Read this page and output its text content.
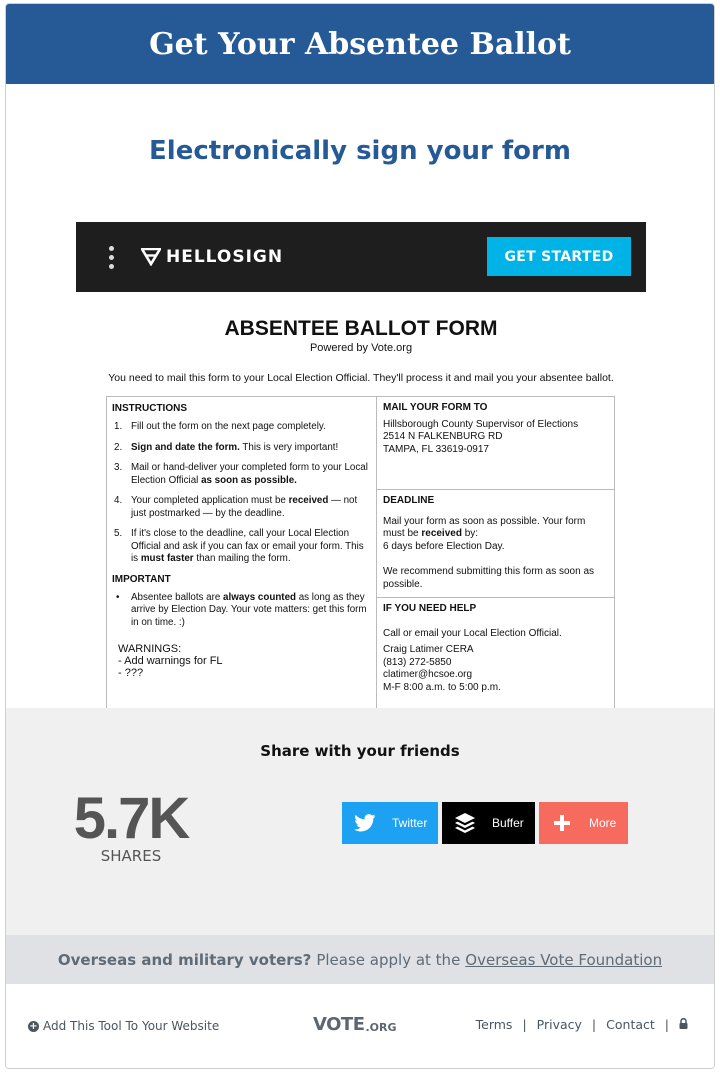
Get Your Absentee Ballot
Electronically sign your form
HELLOSIGN	GET STARTED
ABSENTEE BALLOT FORM
Powered by Vote.org
You need to mail this form to your Local Election Official. They'll process it and mail you your absentee ballot.
INSTRUCTIONS
1. Fill out the form on the next page completely.
2. Sign and date the form. This is very important!
3. Mail or hand-deliver your completed form to your Local Election Official as soon as possible.
4. Your completed application must be received — not just postmarked — by the deadline.
5. If it's close to the deadline, call your Local Election Official and ask if you can fax or email your form. This is must faster than mailing the form.
IMPORTANT
•	Absentee ballots are always counted as long as they arrive by Election Day. Your vote matters: get this form in on time. :)
WARNINGS:
- Add warnings for FL
- ???
MAIL YOUR FORM TO
Hillsborough County Supervisor of Elections
2514 N FALKENBURG RD
TAMPA, FL 33619-0917
DEADLINE
Mail your form as soon as possible. Your form must be received by:
6 days before Election Day.
We recommend submitting this form as soon as possible.
IF YOU NEED HELP
Call or email your Local Election Official.
Craig Latimer CERA
(813) 272-5850
clatimer@hcsoe.org
M-F 8:00 a.m. to 5:00 p.m.
Share with your friends
5.7K
SHARES
Twitter	Buffer	More
Overseas and military voters? Please apply at the Overseas Vote Foundation
+ Add This Tool To Your Website	VOTE .ORG	Terms | Privacy | Contact |
